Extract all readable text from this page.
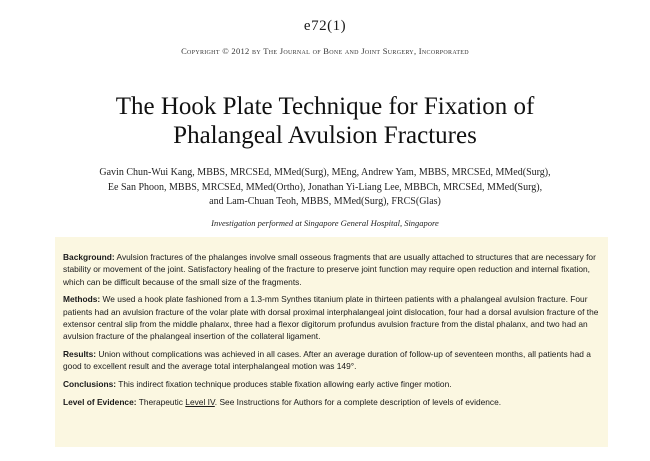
e72(1)
Copyright © 2012 by The Journal of Bone and Joint Surgery, Incorporated
The Hook Plate Technique for Fixation of
Phalangeal Avulsion Fractures
Gavin Chun-Wui Kang, MBBS, MRCSEd, MMed(Surg), MEng, Andrew Yam, MBBS, MRCSEd, MMed(Surg),
Ee San Phoon, MBBS, MRCSEd, MMed(Ortho), Jonathan Yi-Liang Lee, MBBCh, MRCSEd, MMed(Surg),
and Lam-Chuan Teoh, MBBS, MMed(Surg), FRCS(Glas)
Investigation performed at Singapore General Hospital, Singapore

Background: Avulsion fractures of the phalanges involve small osseous fragments that are usually attached to structures that are necessary for stability or movement of the joint. Satisfactory healing of the fracture to preserve joint function may require open reduction and internal fixation, which can be difficult because of the small size of the fragments.

Methods: We used a hook plate fashioned from a 1.3-mm Synthes titanium plate in thirteen patients with a phalangeal avulsion fracture. Four patients had an avulsion fracture of the volar plate with dorsal proximal interphalangeal joint dislocation, four had a dorsal avulsion fracture of the extensor central slip from the middle phalanx, three had a flexor digitorum profundus avulsion fracture from the distal phalanx, and two had an avulsion fracture of the phalangeal insertion of the collateral ligament.

Results: Union without complications was achieved in all cases. After an average duration of follow-up of seventeen months, all patients had a good to excellent result and the average total interphalangeal motion was 149°.

Conclusions: This indirect fixation technique produces stable fixation allowing early active finger motion.

Level of Evidence: Therapeutic Level IV. See Instructions for Authors for a complete description of levels of evidence.
